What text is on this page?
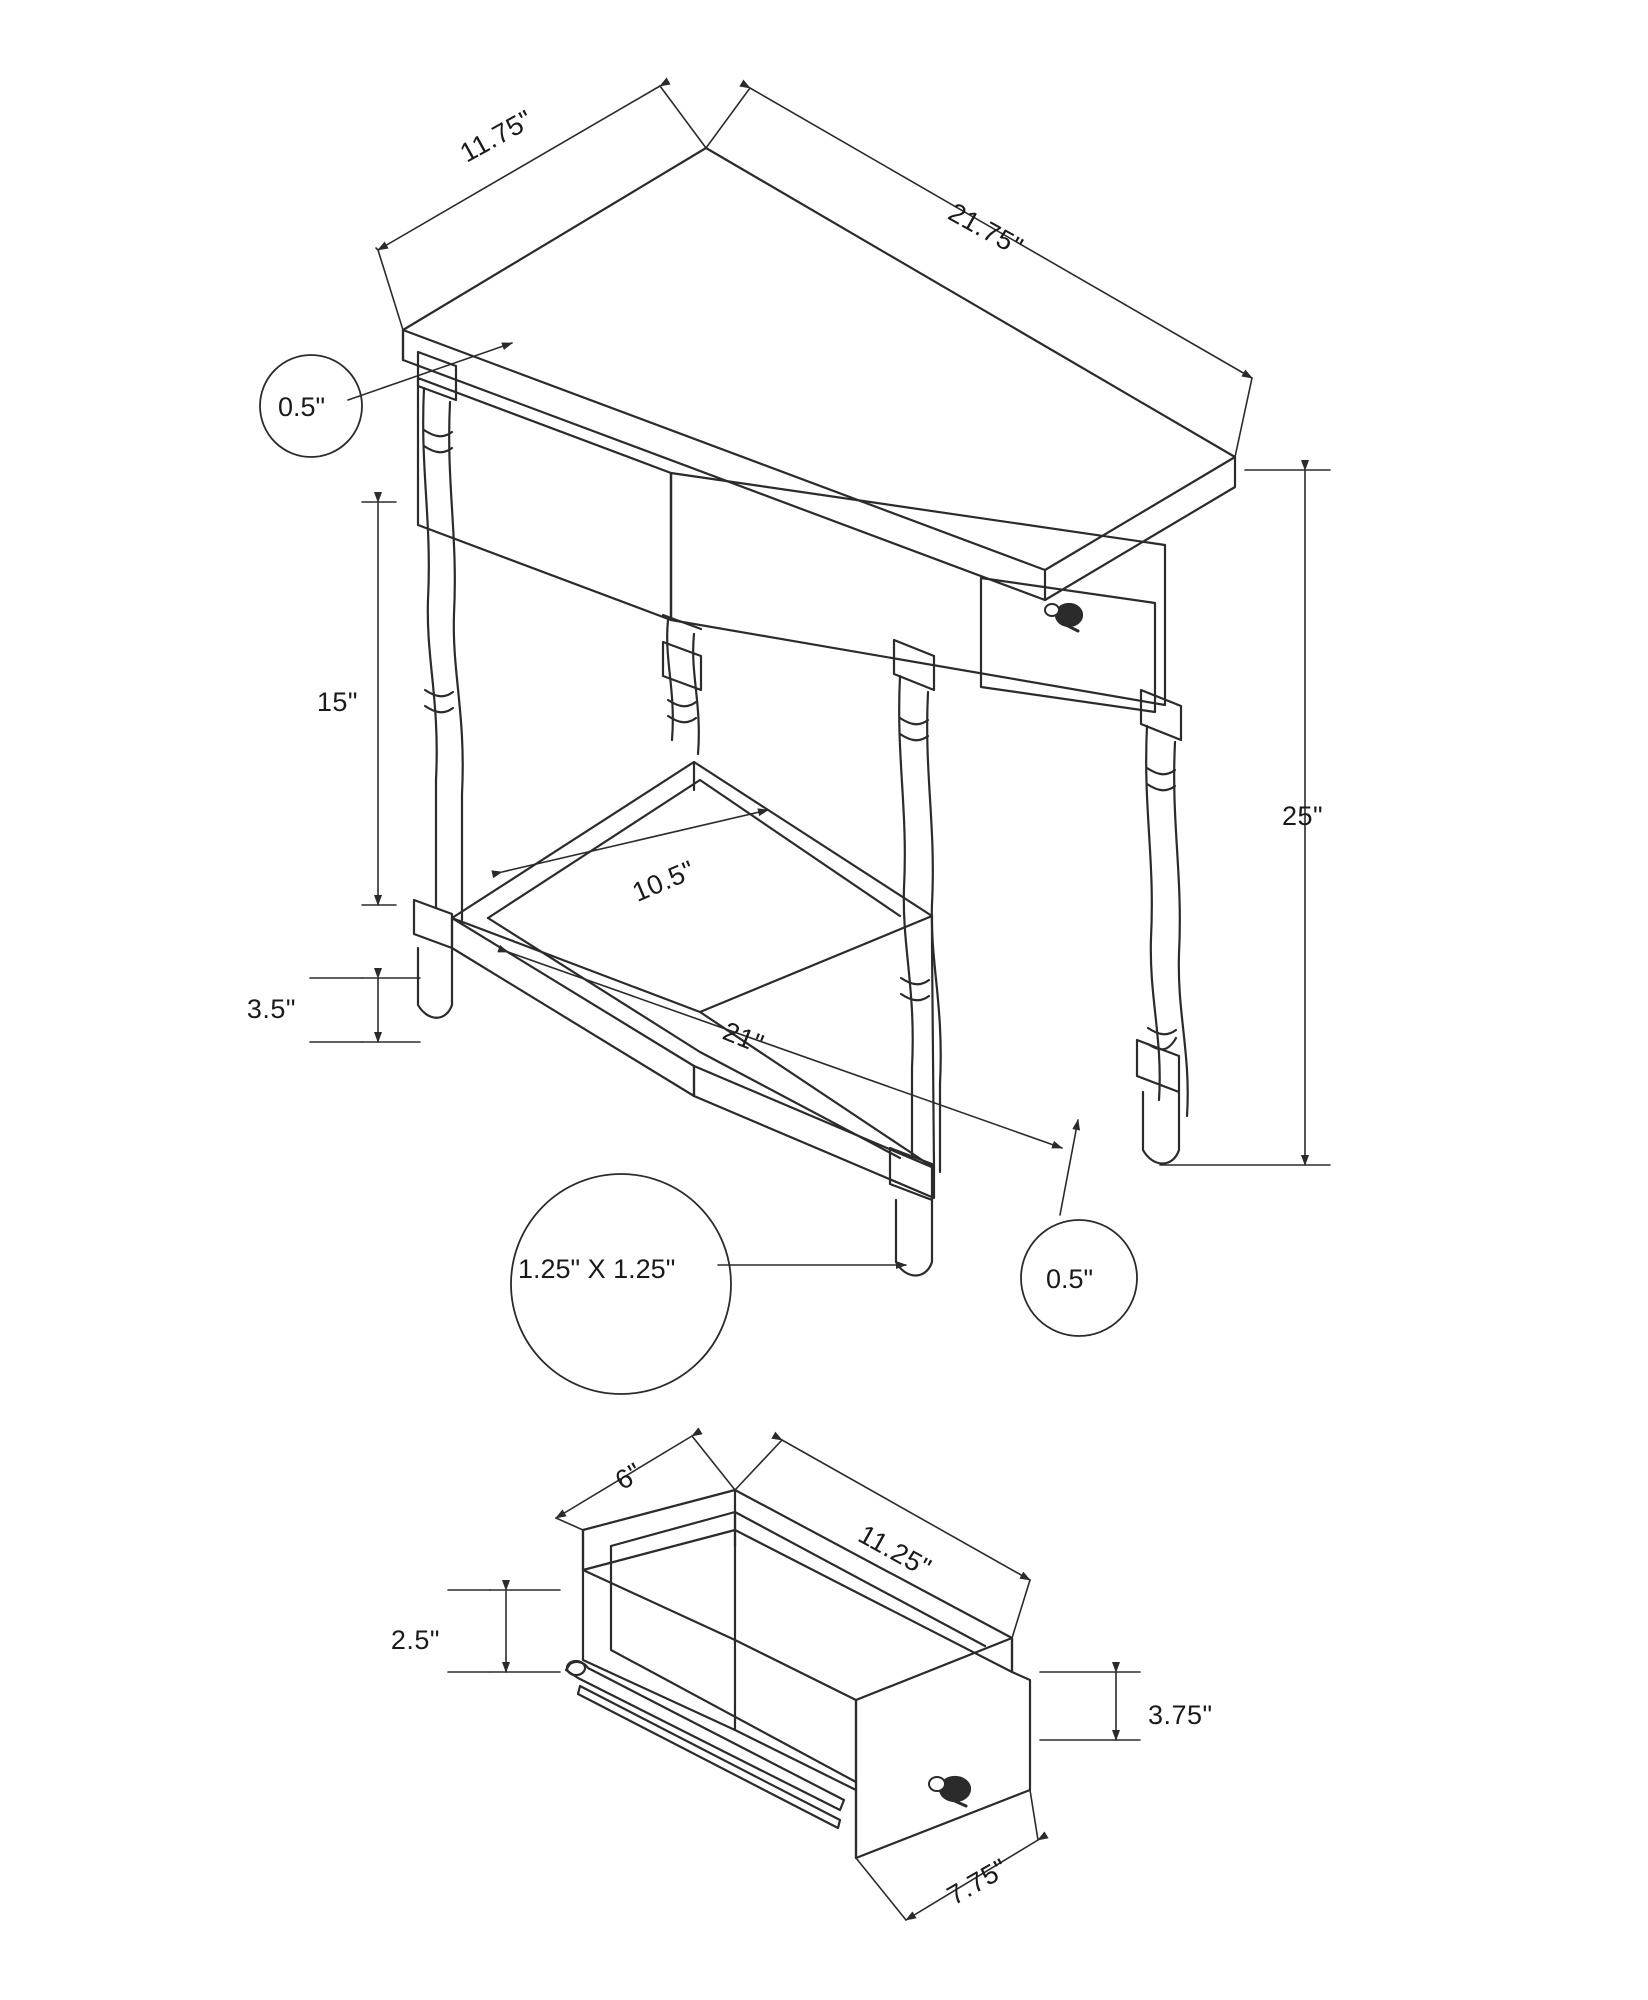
11.75"
21.75"
0.5"
15"
3.5"
25"
10.5"
21"
1.25" X 1.25"	0.5"
6"
11.25"
2.5"
3.75"
7.75"
